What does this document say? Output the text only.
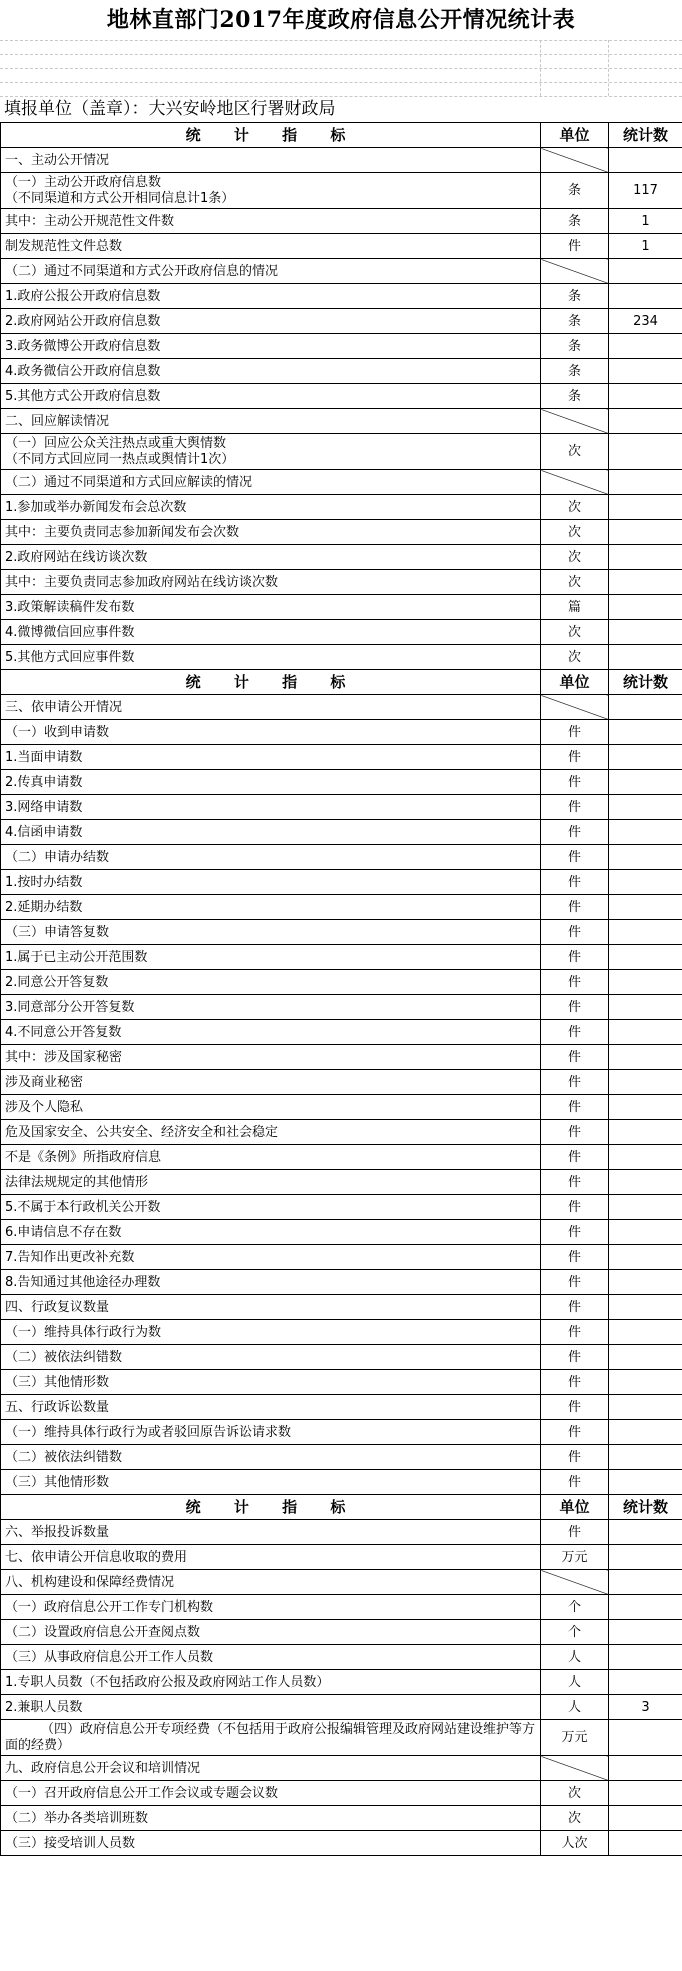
地林直部门2017年度政府信息公开情况统计表
填报单位（盖章）：大兴安岭地区行署财政局
统 计 指 标	单位	统计数
一、主动公开情况		

（一）主动公开政府信息数
（不同渠道和方式公开相同信息计1条）	条	117
其中：主动公开规范性文件数	条	1
制发规范性文件总数	件	1
（二）通过不同渠道和方式公开政府信息的情况		
1.政府公报公开政府信息数	条	
2.政府网站公开政府信息数	条	234
3.政务微博公开政府信息数	条	
4.政务微信公开政府信息数	条	
5.其他方式公开政府信息数	条	
二、回应解读情况		

（一）回应公众关注热点或重大舆情数
（不同方式回应同一热点或舆情计1次）	次	
（二）通过不同渠道和方式回应解读的情况		
1.参加或举办新闻发布会总次数	次	
其中：主要负责同志参加新闻发布会次数	次	
2.政府网站在线访谈次数	次	
其中：主要负责同志参加政府网站在线访谈次数	次	
3.政策解读稿件发布数	篇	
4.微博微信回应事件数	次	
5.其他方式回应事件数	次	
统 计 指 标	单位	统计数
三、依申请公开情况		
（一）收到申请数	件	
1.当面申请数	件	
2.传真申请数	件	
3.网络申请数	件	
4.信函申请数	件	
（二）申请办结数	件	
1.按时办结数	件	
2.延期办结数	件	
（三）申请答复数	件	
1.属于已主动公开范围数	件	
2.同意公开答复数	件	
3.同意部分公开答复数	件	
4.不同意公开答复数	件	
其中：涉及国家秘密	件	
涉及商业秘密	件	
涉及个人隐私	件	
危及国家安全、公共安全、经济安全和社会稳定	件	
不是《条例》所指政府信息	件	
法律法规规定的其他情形	件	
5.不属于本行政机关公开数	件	
6.申请信息不存在数	件	
7.告知作出更改补充数	件	
8.告知通过其他途径办理数	件	
四、行政复议数量	件	
（一）维持具体行政行为数	件	
（二）被依法纠错数	件	
（三）其他情形数	件	
五、行政诉讼数量	件	
（一）维持具体行政行为或者驳回原告诉讼请求数	件	
（二）被依法纠错数	件	
（三）其他情形数	件	
统 计 指 标	单位	统计数
六、举报投诉数量	件	
七、依申请公开信息收取的费用	万元	
八、机构建设和保障经费情况		
（一）政府信息公开工作专门机构数	个	
（二）设置政府信息公开查阅点数	个	
（三）从事政府信息公开工作人员数	人	
1.专职人员数（不包括政府公报及政府网站工作人员数）	人	
2.兼职人员数	人	3
（四）政府信息公开专项经费（不包括用于政府公报编辑管理及政府网站建设维护等方面的经费）	万元	
九、政府信息公开会议和培训情况		
（一）召开政府信息公开工作会议或专题会议数	次	
（二）举办各类培训班数	次	
（三）接受培训人员数	人次	
